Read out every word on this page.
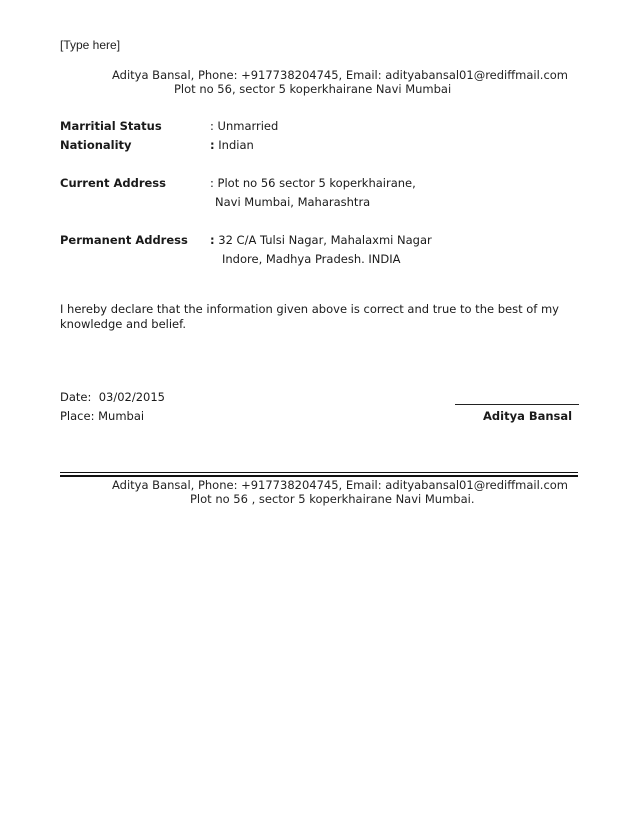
[Type here]
Aditya Bansal, Phone: +917738204745, Email: adityabansal01@rediffmail.com
Plot no 56, sector 5 koperkhairane Navi Mumbai
Marritial Status	: Unmarried
Nationality	: Indian
Current Address	: Plot no 56 sector 5 koperkhairane,
Navi Mumbai, Maharashtra
Permanent Address : 32 C/A Tulsi Nagar, Mahalaxmi Nagar
Indore, Madhya Pradesh. INDIA
I hereby declare that the information given above is correct and true to the best of my knowledge and belief.
Date: 03/02/2015
Place: Mumbai	Aditya Bansal
Aditya Bansal, Phone: +917738204745, Email: adityabansal01@rediffmail.com
Plot no 56 , sector 5 koperkhairane Navi Mumbai.
